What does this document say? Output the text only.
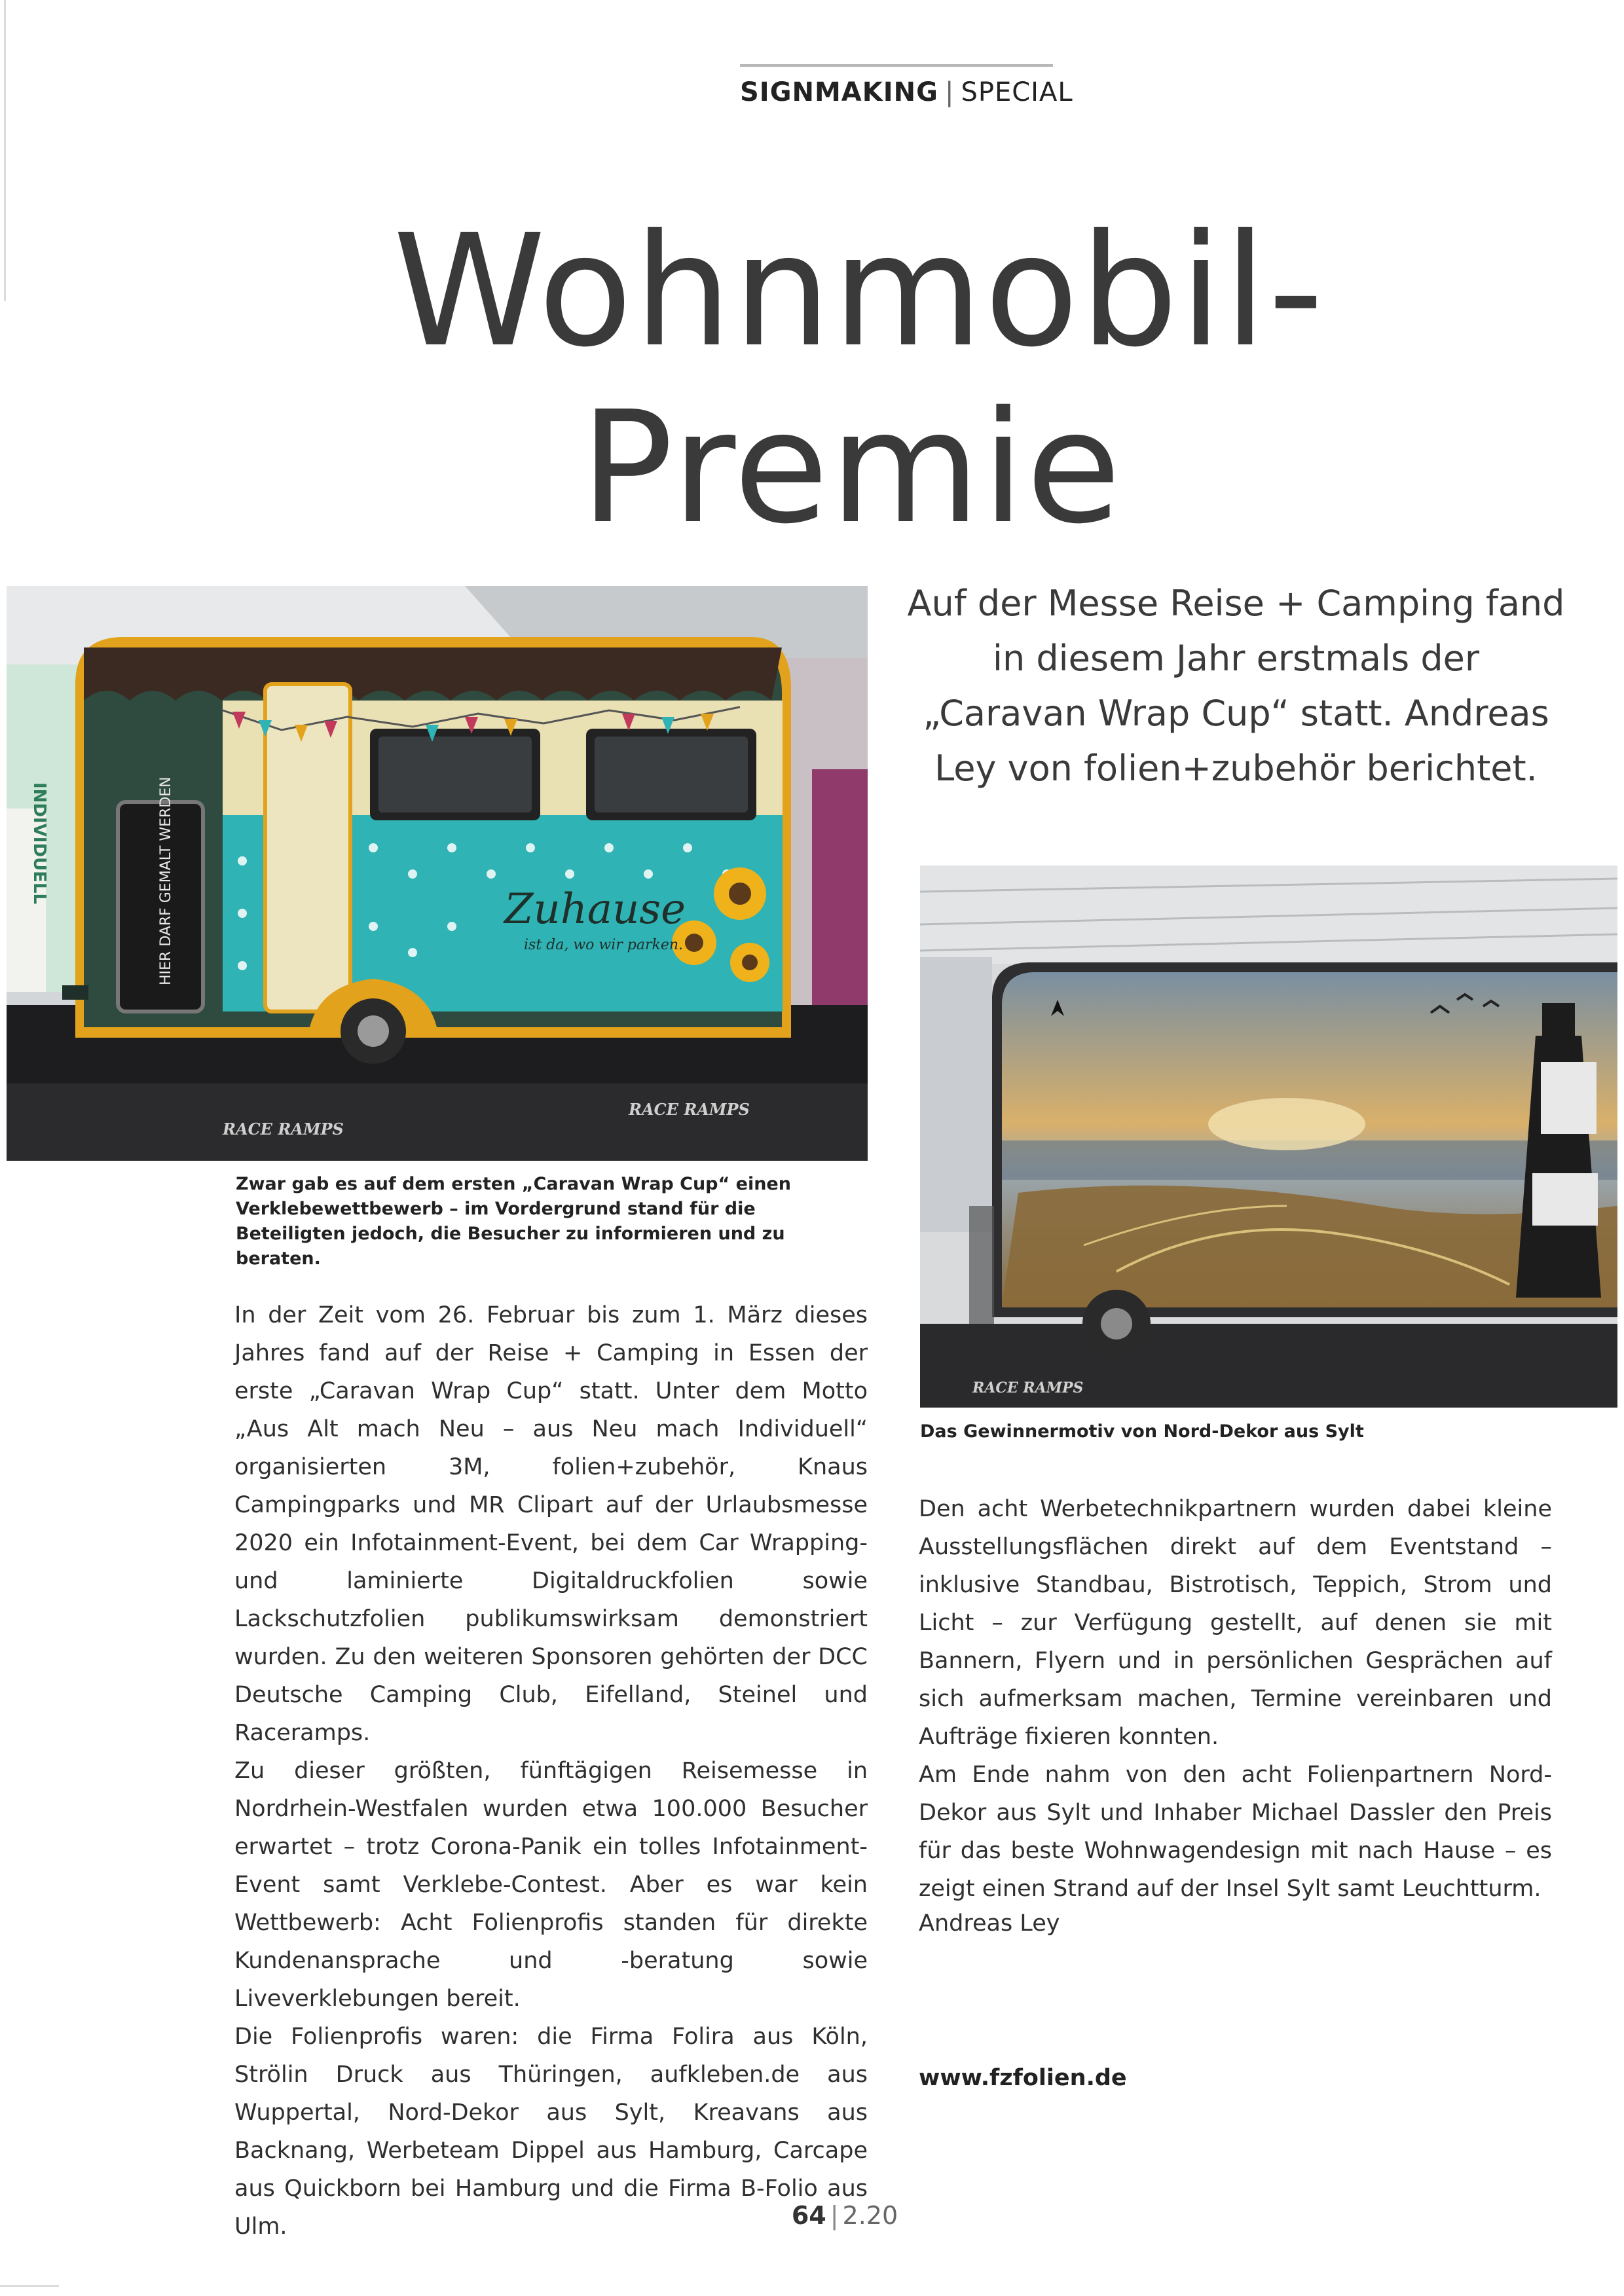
SIGNMAKING | SPECIAL
Wohnmobil-
Premie
Auf der Messe Reise + Camping fand in diesem Jahr erstmals der „Caravan Wrap Cup“ statt. Andreas Ley von folien+zubehör berichtet.
Zuhause
ist da, wo wir parken.
HIER DARF GEMALT WERDEN
INDIVIDUELL
RACE RAMPS
RACE RAMPS
Zwar gab es auf dem ersten „Caravan Wrap Cup“ einen Verklebewettbewerb – im Vordergrund stand für die Beteiligten jedoch, die Besucher zu informieren und zu beraten.
RACE RAMPS
Das Gewinnermotiv von Nord-Dekor aus Sylt

In der Zeit vom 26. Februar bis zum 1. März dieses Jahres fand auf der Reise + Camping in Essen der erste „Caravan Wrap Cup“ statt. Unter dem Motto „Aus Alt mach Neu – aus Neu mach Individuell“ organisierten 3M, folien+zubehör, Knaus Campingparks und MR Clipart auf der Urlaubsmesse 2020 ein Infotainment-Event, bei dem Car Wrapping- und laminierte Digitaldruckfolien sowie Lackschutzfolien publikumswirksam demonstriert wurden. Zu den weiteren Sponsoren gehörten der DCC Deutsche Camping Club, Eifelland, Steinel und Raceramps.

Zu dieser größten, fünftägigen Reisemesse in Nordrhein-Westfalen wurden etwa 100.000 Besucher erwartet – trotz Corona-Panik ein tolles Infotainment-Event samt Verklebe-Contest. Aber es war kein Wettbewerb: Acht Folienprofis standen für direkte Kundenansprache und -beratung sowie Liveverklebungen bereit.

Die Folienprofis waren: die Firma Folira aus Köln, Strölin Druck aus Thüringen, aufkleben.de aus Wuppertal, Nord-Dekor aus Sylt, Kreavans aus Backnang, Werbeteam Dippel aus Hamburg, Carcape aus Quickborn bei Hamburg und die Firma B-Folio aus Ulm.

Den acht Werbetechnikpartnern wurden dabei kleine Ausstellungsflächen direkt auf dem Eventstand – inklusive Standbau, Bistrotisch, Teppich, Strom und Licht – zur Verfügung gestellt, auf denen sie mit Bannern, Flyern und in persönlichen Gesprächen auf sich aufmerksam machen, Termine vereinbaren und Aufträge fixieren konnten.

Am Ende nahm von den acht Folienpartnern Nord-Dekor aus Sylt und Inhaber Michael Dassler den Preis für das beste Wohnwagendesign mit nach Hause – es zeigt einen Strand auf der Insel Sylt samt Leuchtturm.

Andreas Ley
www.fzfolien.de
64 | 2.20
